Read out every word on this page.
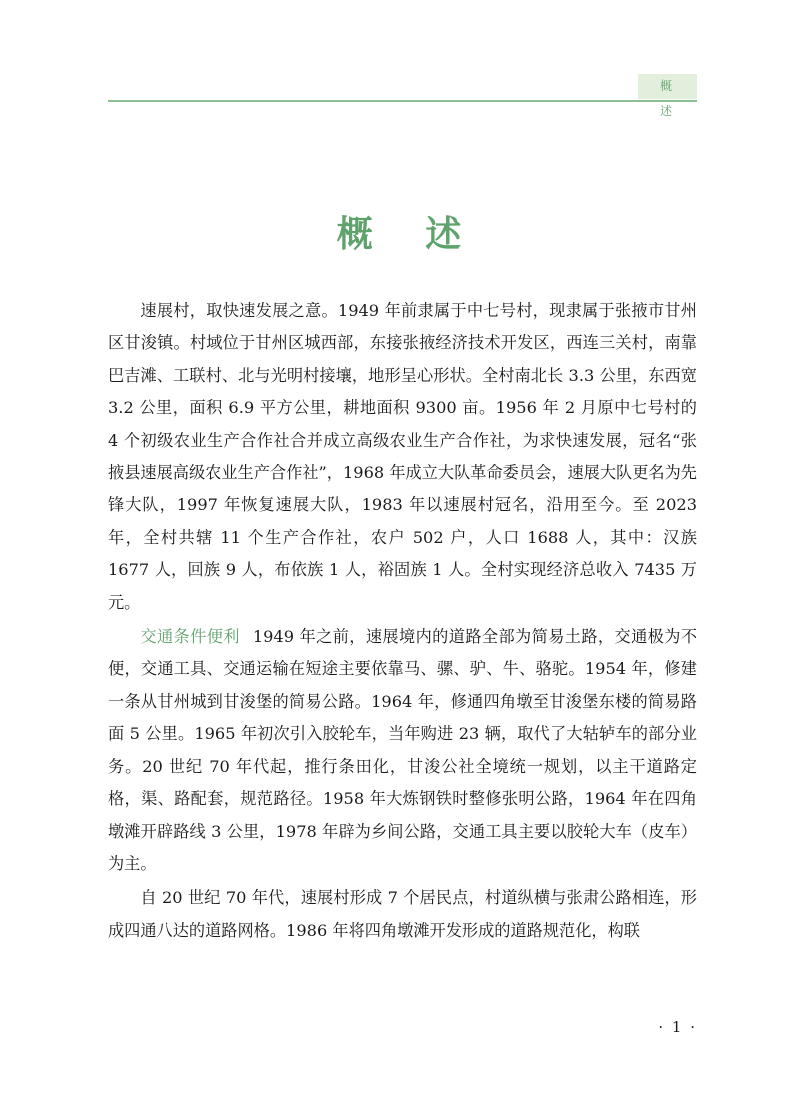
概 述
概 述

速展村，取快速发展之意。1949 年前隶属于中七号村，现隶属于张掖市甘州区甘浚镇。村域位于甘州区城西部，东接张掖经济技术开发区，西连三关村，南靠巴吉滩、工联村、北与光明村接壤，地形呈心形状。全村南北长 3.3 公里，东西宽 3.2 公里，面积 6.9 平方公里，耕地面积 9300 亩。1956 年 2 月原中七号村的 4 个初级农业生产合作社合并成立高级农业生产合作社，为求快速发展，冠名“张掖县速展高级农业生产合作社”，1968 年成立大队革命委员会，速展大队更名为先锋大队，1997 年恢复速展大队，1983 年以速展村冠名，沿用至今。至 2023 年，全村共辖 11 个生产合作社，农户 502 户，人口 1688 人，其中：汉族 1677 人，回族 9 人，布依族 1 人，裕固族 1 人。全村实现经济总收入 7435 万元。

交通条件便利 1949 年之前，速展境内的道路全部为简易土路，交通极为不便，交通工具、交通运输在短途主要依靠马、骡、驴、牛、骆驼。1954 年，修建一条从甘州城到甘浚堡的简易公路。1964 年，修通四角墩至甘浚堡东楼的简易路面 5 公里。1965 年初次引入胶轮车，当年购进 23 辆，取代了大轱轳车的部分业务。20 世纪 70 年代起，推行条田化，甘浚公社全境统一规划，以主干道路定格，渠、路配套，规范路径。1958 年大炼钢铁时整修张明公路，1964 年在四角墩滩开辟路线 3 公里，1978 年辟为乡间公路，交通工具主要以胶轮大车（皮车）为主。

自 20 世纪 70 年代，速展村形成 7 个居民点，村道纵横与张肃公路相连，形成四通八达的道路网格。1986 年将四角墩滩开发形成的道路规范化，构联

· 1 ·
